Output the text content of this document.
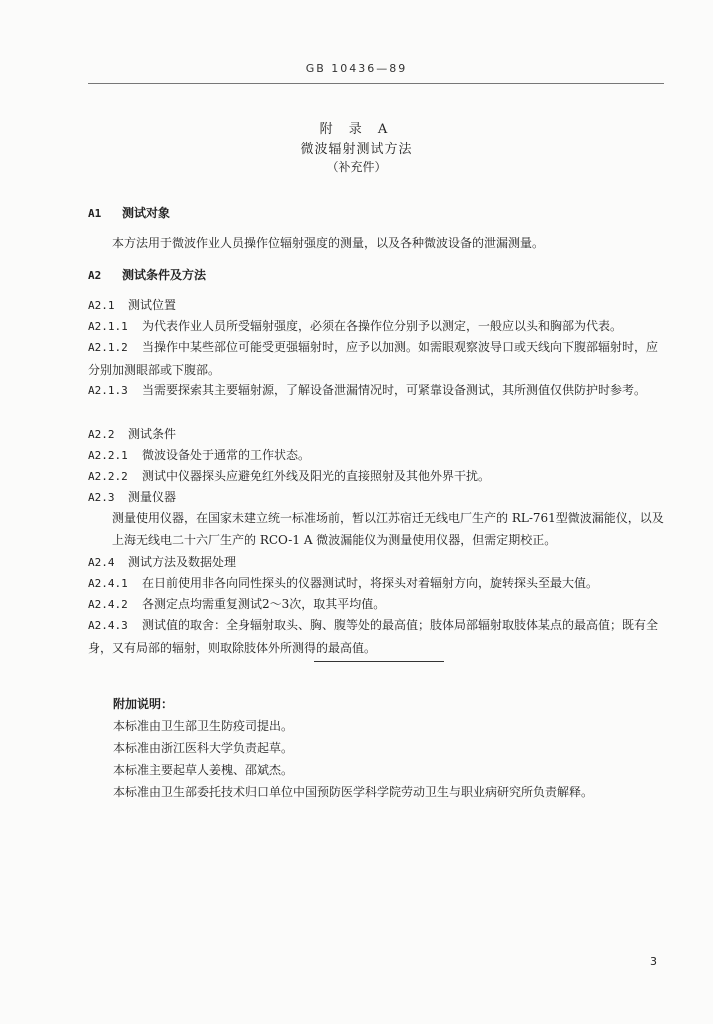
GB 10436—89
附 录 A
微波辐射测试方法
（补充件）
A1 测试对象
本方法用于微波作业人员操作位辐射强度的测量，以及各种微波设备的泄漏测量。
A2 测试条件及方法
A2.1 测试位置
A2.1.1 为代表作业人员所受辐射强度，必须在各操作位分别予以测定，一般应以头和胸部为代表。
A2.1.2 当操作中某些部位可能受更强辐射时，应予以加测。如需眼观察波导口或天线向下腹部辐射时，应分别加测眼部或下腹部。
A2.1.3 当需要探索其主要辐射源，了解设备泄漏情况时，可紧靠设备测试，其所测值仅供防护时参考。
A2.2 测试条件
A2.2.1 微波设备处于通常的工作状态。
A2.2.2 测试中仪器探头应避免红外线及阳光的直接照射及其他外界干扰。
A2.3 测量仪器
测量使用仪器，在国家未建立统一标准场前，暂以江苏宿迁无线电厂生产的 RL-761型微波漏能仪，以及上海无线电二十六厂生产的 RCO-1 A 微波漏能仪为测量使用仪器，但需定期校正。
A2.4 测试方法及数据处理
A2.4.1 在日前使用非各向同性探头的仪器测试时，将探头对着辐射方向，旋转探头至最大值。
A2.4.2 各测定点均需重复测试2～3次，取其平均值。
A2.4.3 测试值的取舍：全身辐射取头、胸、腹等处的最高值；肢体局部辐射取肢体某点的最高值；既有全身，又有局部的辐射，则取除肢体外所测得的最高值。
附加说明：
本标准由卫生部卫生防疫司提出。
本标准由浙江医科大学负责起草。
本标准主要起草人姜槐、邵斌杰。
本标准由卫生部委托技术归口单位中国预防医学科学院劳动卫生与职业病研究所负责解释。
3
